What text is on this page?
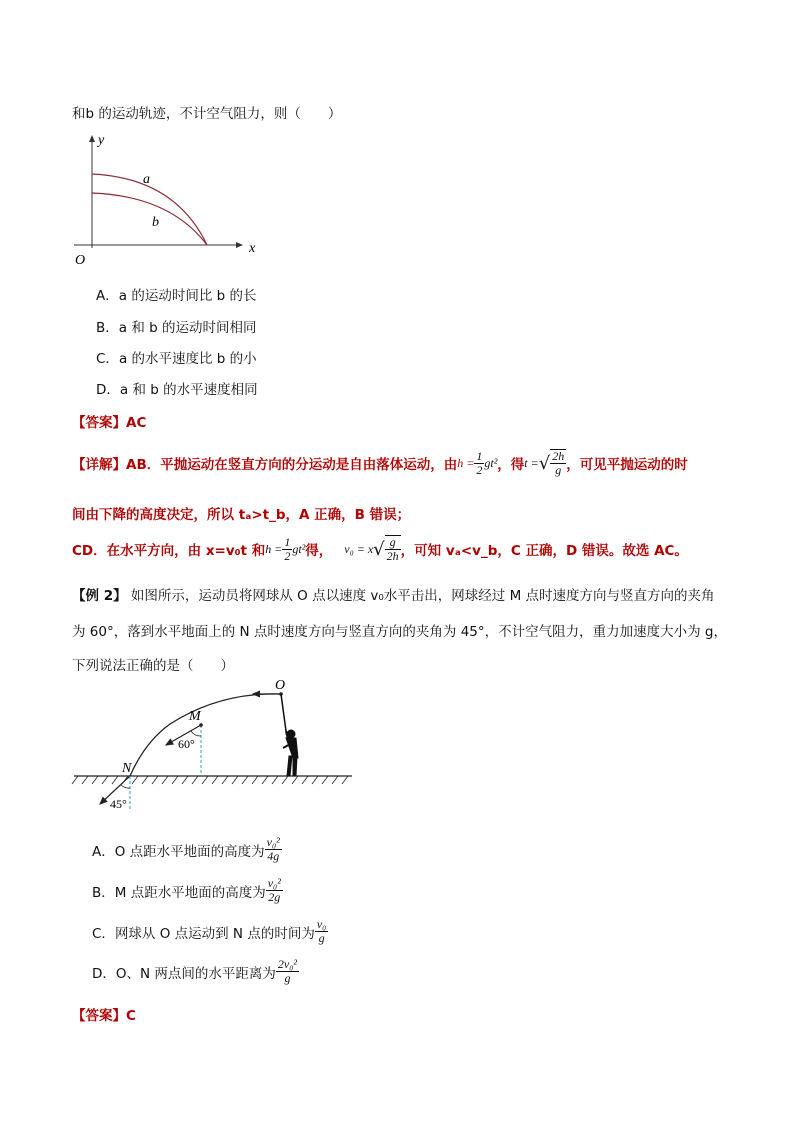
和b 的运动轨迹，不计空气阻力，则（　　）
y
x
O
a
b
A．a 的运动时间比 b 的长
B．a 和 b 的运动时间相同
C．a 的水平速度比 b 的小
D．a 和 b 的水平速度相同
【答案】AC
【详解】 AB．平抛运动在竖直方向的分运动是自由落体运动，由 $h = \frac{1}{2} gt^2$ ，得 t = √ $\frac{2h}{g}$ ，可见平抛运动的时
间由下降的高度决定，所以 tₐ>t_b，A 正确，B 错误；
CD．在水平方向，由 x=v₀t 和 $h = \frac{1}{2} gt^2$ 得， v₀ = x √ $\frac{g}{2h}$ ，可知 vₐ<v_b，C 正确，D 错误。故选 AC。
【例 2】 如图所示，运动员将网球从 O 点以速度 v₀水平击出，网球经过 M 点时速度方向与竖直方向的夹角
为 60°，落到水平地面上的 N 点时速度方向与竖直方向的夹角为 45°，不计空气阻力，重力加速度大小为 g，
下列说法正确的是（　　）
O
M
N
60°
45°
A． O 点距水平地面的高度为 $\frac{\text{v₀²}}{4g}$
B． M 点距水平地面的高度为 $\frac{\text{v₀²}}{2g}$
C． 网球从 O 点运动到 N 点的时间为 $\frac{\text{v₀}}{g}$
D． O、N 两点间的水平距离为 $\frac{\text{2v₀²}}{g}$
【答案】C
